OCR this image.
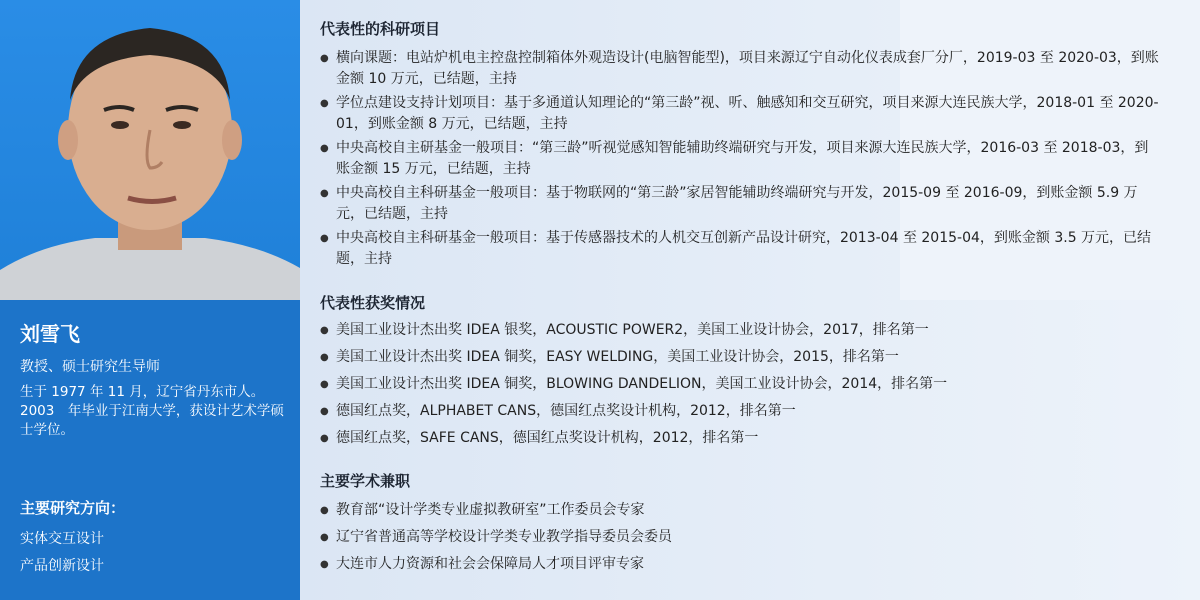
刘雪飞
教授、硕士研究生导师
生于 1977 年 11 月，辽宁省丹东市人。2003　年毕业于江南大学，获设计艺术学硕士学位。
主要研究方向：
实体交互设计
产品创新设计
代表性的科研项目
● 横向课题：电站炉机电主控盘控制箱体外观造设计(电脑智能型)，项目来源辽宁自动化仪表成套厂分厂，2019-03 至 2020-03，到账金额 10 万元，已结题，主持
● 学位点建设支持计划项目：基于多通道认知理论的“第三龄”视、听、触感知和交互研究，项目来源大连民族大学，2018-01 至 2020-01，到账金额 8 万元，已结题，主持
● 中央高校自主研基金一般项目：“第三龄”听视觉感知智能辅助终端研究与开发，项目来源大连民族大学，2016-03 至 2018-03，到账金额 15 万元，已结题，主持
● 中央高校自主科研基金一般项目：基于物联网的“第三龄”家居智能辅助终端研究与开发，2015-09 至 2016-09，到账金额 5.9 万元，已结题，主持
● 中央高校自主科研基金一般项目：基于传感器技术的人机交互创新产品设计研究，2013-04 至 2015-04，到账金额 3.5 万元，已结题，主持
代表性获奖情况
● 美国工业设计杰出奖 IDEA 银奖，ACOUSTIC POWER2，美国工业设计协会，2017，排名第一
● 美国工业设计杰出奖 IDEA 铜奖，EASY WELDING，美国工业设计协会，2015，排名第一
● 美国工业设计杰出奖 IDEA 铜奖，BLOWING DANDELION，美国工业设计协会，2014，排名第一
● 德国红点奖，ALPHABET CANS，德国红点奖设计机构，2012，排名第一
● 德国红点奖，SAFE CANS，德国红点奖设计机构，2012，排名第一
主要学术兼职
● 教育部“设计学类专业虚拟教研室”工作委员会专家
● 辽宁省普通高等学校设计学类专业教学指导委员会委员
● 大连市人力资源和社会会保障局人才项目评审专家
